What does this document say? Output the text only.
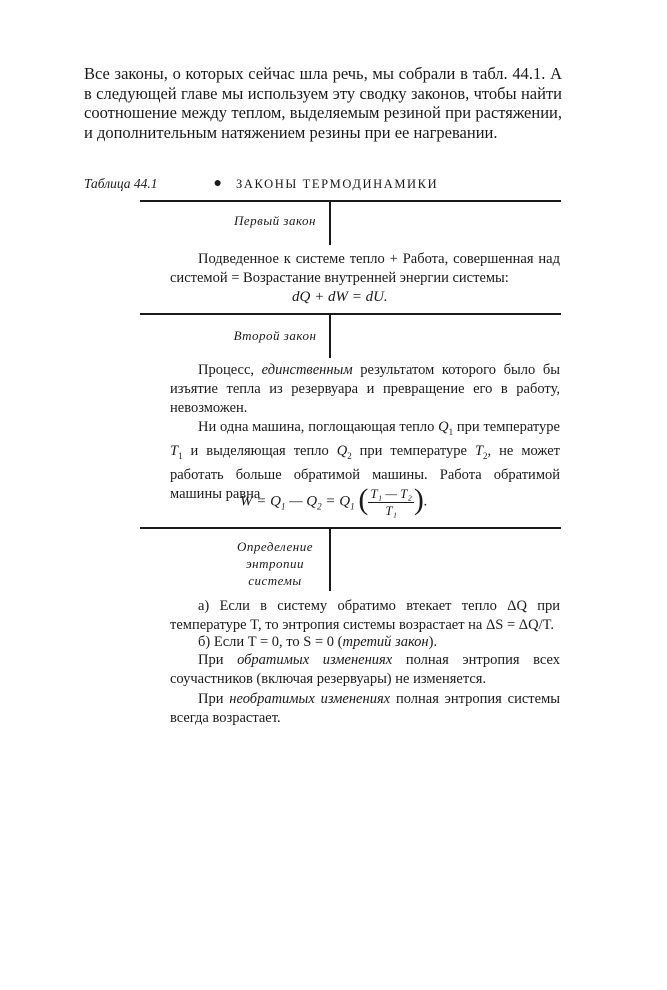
Все законы, о которых сейчас шла речь, мы собрали в табл. 44.1. А в следующей главе мы используем эту сводку законов, чтобы найти соотношение между теплом, выделяемым резиной при растяжении, и дополнительным натяжением резины при ее нагревании.
Таблица 44.1	● ЗАКОНЫ ТЕРМОДИНАМИКИ
Первый закон
Подведенное к системе тепло + Работа, совершенная над системой = Возрастание внутренней энергии системы:
dQ + dW = dU.
Второй закон
Процесс, единственным результатом которого было бы изъятие тепла из резервуара и превращение его в работу, невозможен.
Ни одна машина, поглощающая тепло $Q_1$ при температуре $T_1$ и выделяющая тепло $Q_2$ при температуре $T_2$, не может работать больше обратимой машины. Работа обратимой машины равна
$W = Q_1$ — $Q_2 = Q_1$ ( $\frac{\text{T₁ — T₂}}{\text{T₁}}$ ).
Определение
энтропии
системы
а) Если в систему обратимо втекает тепло ΔQ при температуре T, то энтропия системы возрастает на ΔS = ΔQ/T.
б) Если T = 0, то S = 0 (третий закон).
При обратимых изменениях полная энтропия всех соучастников (включая резервуары) не изменяется.
При необратимых изменениях полная энтропия системы всегда возрастает.
